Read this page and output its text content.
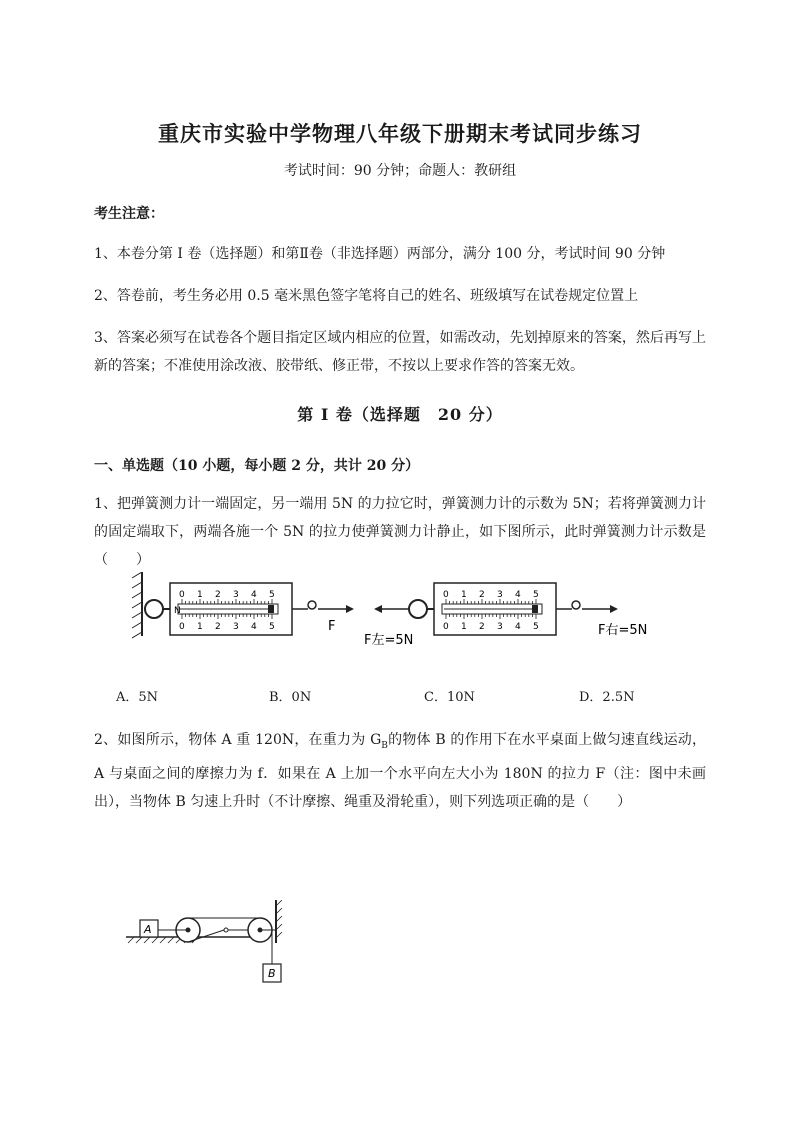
重庆市实验中学物理八年级下册期末考试同步练习
考试时间：90 分钟；命题人：教研组
考生注意：
1、本卷分第 I 卷（选择题）和第Ⅱ卷（非选择题）两部分，满分 100 分，考试时间 90 分钟
2、答卷前，考生务必用 0.5 毫米黑色签字笔将自己的姓名、班级填写在试卷规定位置上
3、答案必须写在试卷各个题目指定区域内相应的位置，如需改动，先划掉原来的答案，然后再写上新的答案；不准使用涂改液、胶带纸、修正带，不按以上要求作答的答案无效。
第 I 卷（选择题　20 分）
一、单选题（10 小题，每小题 2 分，共计 20 分）
1、把弹簧测力计一端固定，另一端用 5N 的力拉它时，弹簧测力计的示数为 5N；若将弹簧测力计的固定端取下，两端各施一个 5N 的拉力使弹簧测力计静止，如下图所示，此时弹簧测力计示数是（　　）
N
0
0
1
1
2
2
3
3
4
4
5
5	F
F左=5N
0
0
1
1
2
2
3
3
4
4
5
5	F右=5N
A．5N	B．0N	C．10N	D．2.5N
2、如图所示，物体 A 重 120N，在重力为 $G_B$的物体 B 的作用下在水平桌面上做匀速直线运动，A 与桌面之间的摩擦力为 f．如果在 A 上加一个水平向左大小为 180N 的拉力 F（注：图中未画出），当物体 B 匀速上升时（不计摩擦、绳重及滑轮重），则下列选项正确的是（　　）
A
B
